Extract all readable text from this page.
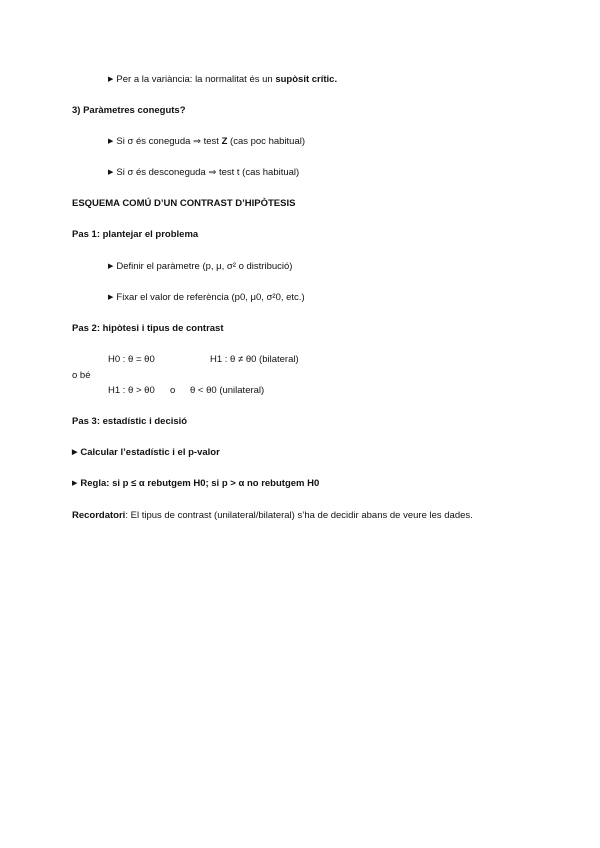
▶ Per a la variància: la normalitat és un supòsit crític.
3) Paràmetres coneguts?
▶ Si σ és coneguda ⇒ test Z (cas poc habitual)
▶ Si σ és desconeguda ⇒ test t (cas habitual)
ESQUEMA COMÚ D’UN CONTRAST D’HIPÒTESIS
Pas 1: plantejar el problema
▶ Definir el paràmetre (p, μ, σ² o distribució)
▶ Fixar el valor de referència (p0, μ0, σ²0, etc.)
Pas 2: hipòtesi i tipus de contrast
H0 : θ = θ0	H1 : θ ≠ θ0 (bilateral)
o bé
H1 : θ > θ0 o θ < θ0 (unilateral)
Pas 3: estadístic i decisió
▶ Calcular l’estadístic i el p-valor
▶ Regla: si p ≤ α rebutgem H0; si p > α no rebutgem H0
Recordatori: El tipus de contrast (unilateral/bilateral) s’ha de decidir abans de veure les dades.
